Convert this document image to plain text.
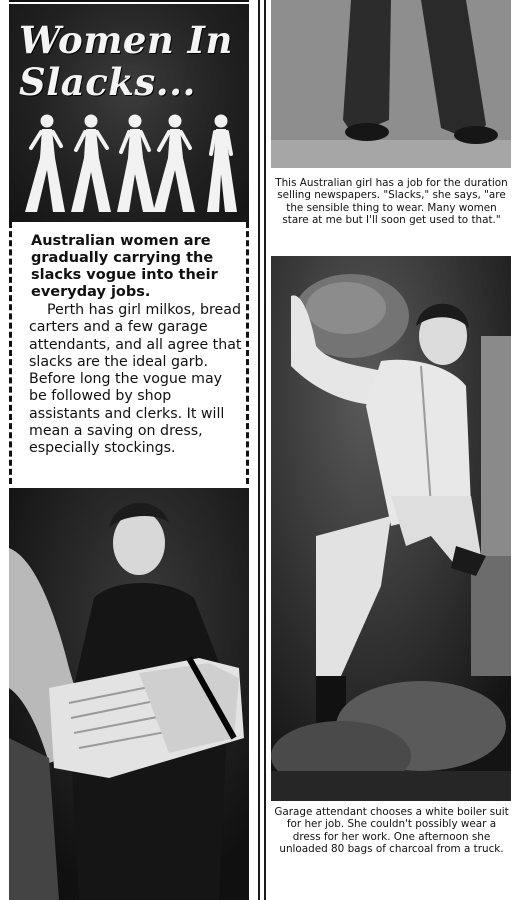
Women In
Slacks...
Australian women are gradually carrying the slacks vogue into their everyday jobs.
Perth has girl milkos, bread carters and a few garage attendants, and all agree that slacks are the ideal garb. Before long the vogue may be followed by shop assistants and clerks. It will mean a saving on dress, especially stockings.
This Australian girl has a job for the duration selling newspapers. "Slacks," she says, "are the sensible thing to wear. Many women stare at me but I'll soon get used to that."
Garage attendant chooses a white boiler suit for her job. She couldn't possibly wear a dress for her work. One afternoon she unloaded 80 bags of charcoal from a truck.
